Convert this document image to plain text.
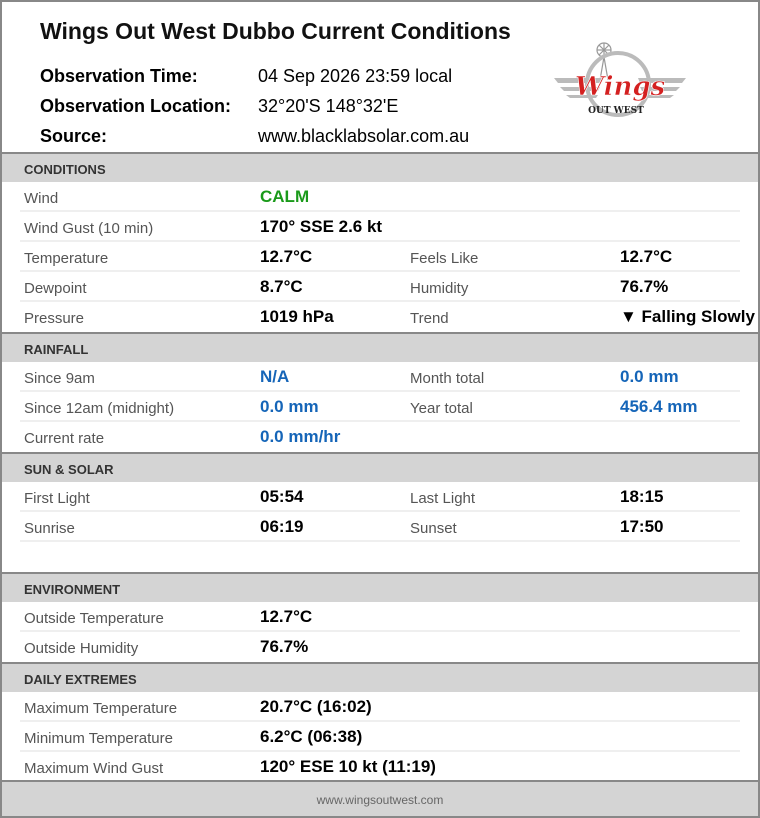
Wings Out West Dubbo Current Conditions
Observation Time:	04 Sep 2026 23:59 local
Observation Location: 32°20'S 148°32'E
Source:	www.blacklabsolar.com.au
Wings
OUT WEST
CONDITIONS
Wind	CALM
Wind Gust (10 min)	170° SSE 2.6 kt
Temperature	12.7°C	Feels Like	12.7°C
Dewpoint	8.7°C	Humidity	76.7%
Pressure	1019 hPa	Trend	▼ Falling Slowly
RAINFALL
Since 9am	N/A	Month total	0.0 mm
Since 12am (midnight)	0.0 mm	Year total	456.4 mm
Current rate	0.0 mm/hr
SUN & SOLAR
First Light	05:54	Last Light	18:15
Sunrise	06:19	Sunset	17:50
ENVIRONMENT
Outside Temperature	12.7°C
Outside Humidity	76.7%
DAILY EXTREMES
Maximum Temperature	20.7°C (16:02)
Minimum Temperature	6.2°C (06:38)
Maximum Wind Gust	120° ESE 10 kt (11:19)
www.wingsoutwest.com
